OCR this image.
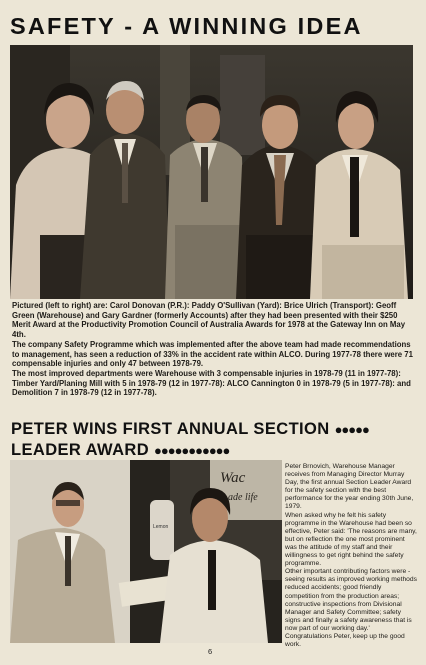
SAFETY - A WINNING IDEA

Pictured (left to right) are: Carol Donovan (P.R.): Paddy O'Sullivan (Yard): Brice Ulrich (Transport): Geoff Green (Warehouse) and Gary Gardner (formerly Accounts) after they had been presented with their $250 Merit Award at the Productivity Promotion Council of Australia Awards for 1978 at the Gateway Inn on May 4th.

The company Safety Programme which was implemented after the above team had made recommendations to management, has seen a reduction of 33% in the accident rate within ALCO. During 1977-78 there were 71 compensable injuries and only 47 between 1978-79.

The most improved departments were Warehouse with 3 compensable injuries in 1978-79 (11 in 1977-78): Timber Yard/Planing Mill with 5 in 1978-79 (12 in 1977-78): ALCO Cannington 0 in 1978-79 (5 in 1977-78): and Demolition 7 in 1978-79 (12 in 1977-78).

PETER WINS FIRST ANNUAL SECTION ●●●●●
LEADER AWARD ●●●●●●●●●●●
Wac
ade life
Lemon

Peter Brnovich, Warehouse Manager receives from Managing Director Murray Day, the first annual Section Leader Award for the safety section with the best performance for the year ending 30th June, 1979.

When asked why he felt his safety programme in the Warehouse had been so effective, Peter said: 'The reasons are many, but on reflection the one most prominent was the attitude of my staff and their willingness to get right behind the safety programme.

Other important contributing factors were - seeing results as improved working methods reduced accidents; good friendly competition from the production areas; constructive inspections from Divisional Manager and Safety Committee; safety signs and finally a safety awareness that is now part of our working day.'

Congratulations Peter, keep up the good work.

6
